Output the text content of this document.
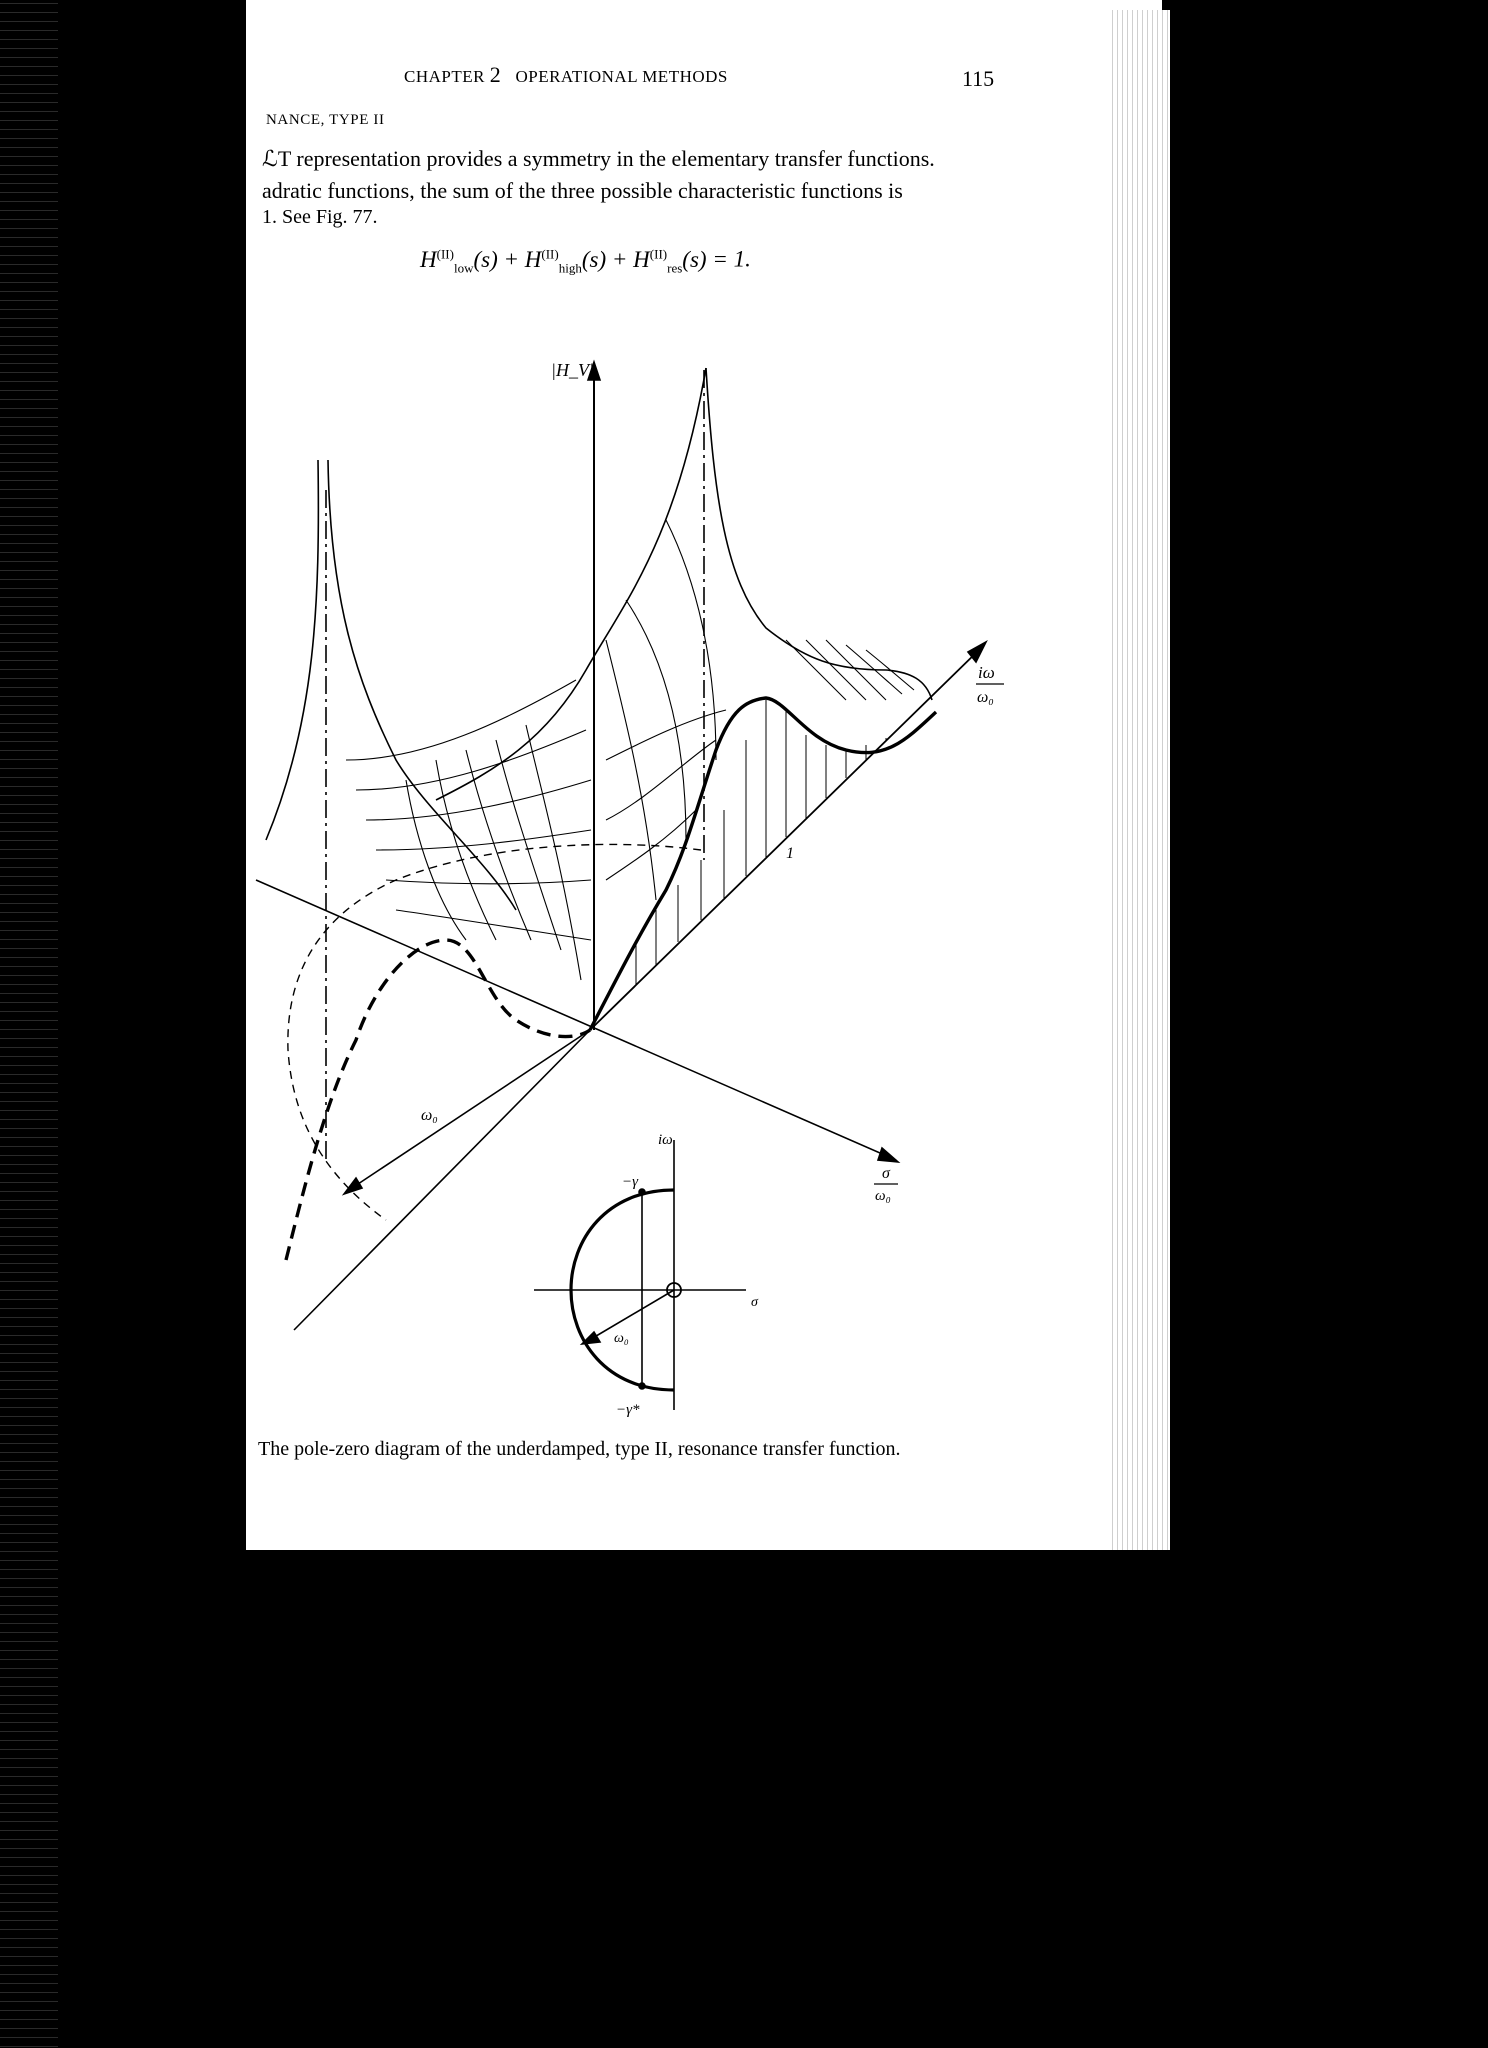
CHAPTER 2 OPERATIONAL METHODS	115
NANCE, TYPE II
ℒT representation provides a symmetry in the elementary transfer functions.
adratic functions, the sum of the three possible characteristic functions is
1. See Fig. 77.
$H^{(II)}_{low}(s) + H^{(II)}_{high}(s) + H^{(II)}_{res}(s) = 1$.
|H_V|
iω
ω₀
1
ω₀
σ
ω₀
iω
−γ
σ
ω₀
−γ*
The pole-zero diagram of the underdamped, type II, resonance transfer function.
